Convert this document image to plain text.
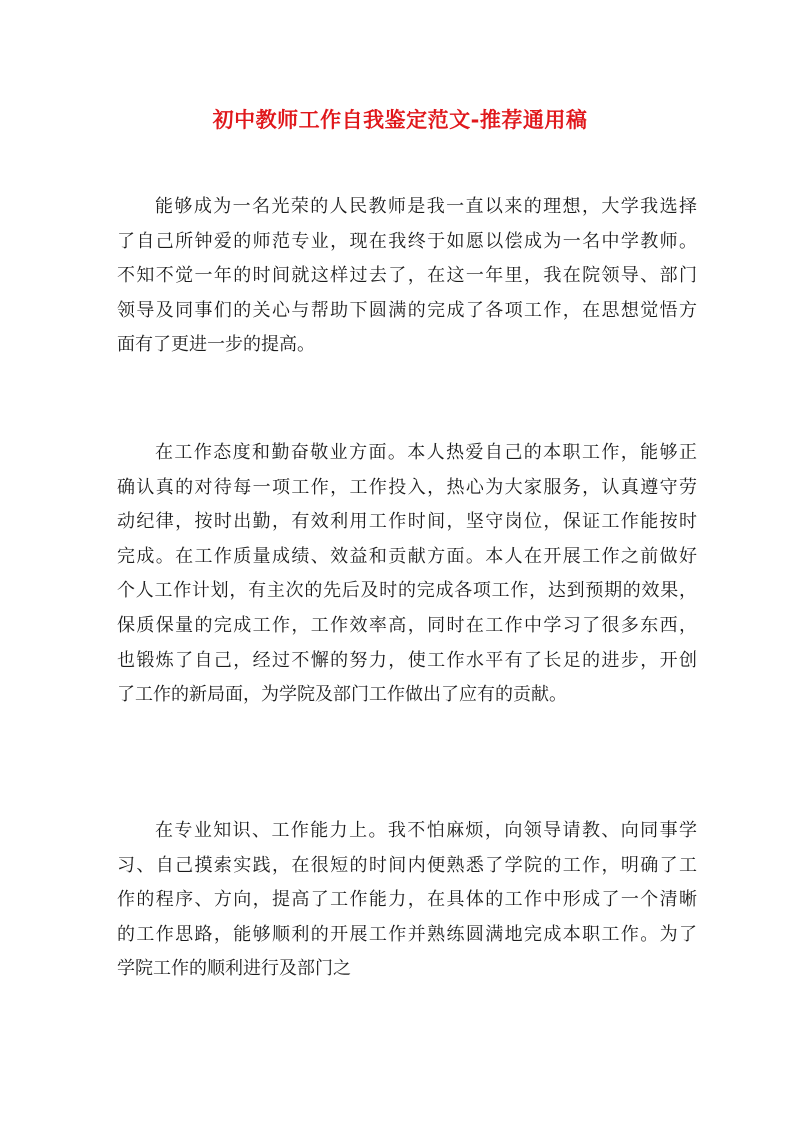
初中教师工作自我鉴定范文-推荐通用稿
能够成为一名光荣的人民教师是我一直以来的理想，大学我选择
了自己所钟爱的师范专业，现在我终于如愿以偿成为一名中学教师。
不知不觉一年的时间就这样过去了，在这一年里，我在院领导、部门
领导及同事们的关心与帮助下圆满的完成了各项工作，在思想觉悟方
面有了更进一步的提高。
在工作态度和勤奋敬业方面。本人热爱自己的本职工作，能够正
确认真的对待每一项工作，工作投入，热心为大家服务，认真遵守劳
动纪律，按时出勤，有效利用工作时间，坚守岗位，保证工作能按时
完成。在工作质量成绩、效益和贡献方面。本人在开展工作之前做好
个人工作计划，有主次的先后及时的完成各项工作，达到预期的效果，
保质保量的完成工作，工作效率高，同时在工作中学习了很多东西，
也锻炼了自己，经过不懈的努力，使工作水平有了长足的进步，开创
了工作的新局面，为学院及部门工作做出了应有的贡献。
在专业知识、工作能力上。我不怕麻烦，向领导请教、向同事学
习、自己摸索实践，在很短的时间内便熟悉了学院的工作，明确了工
作的程序、方向，提高了工作能力，在具体的工作中形成了一个清晰
的工作思路，能够顺利的开展工作并熟练圆满地完成本职工作。为了
学院工作的顺利进行及部门之
